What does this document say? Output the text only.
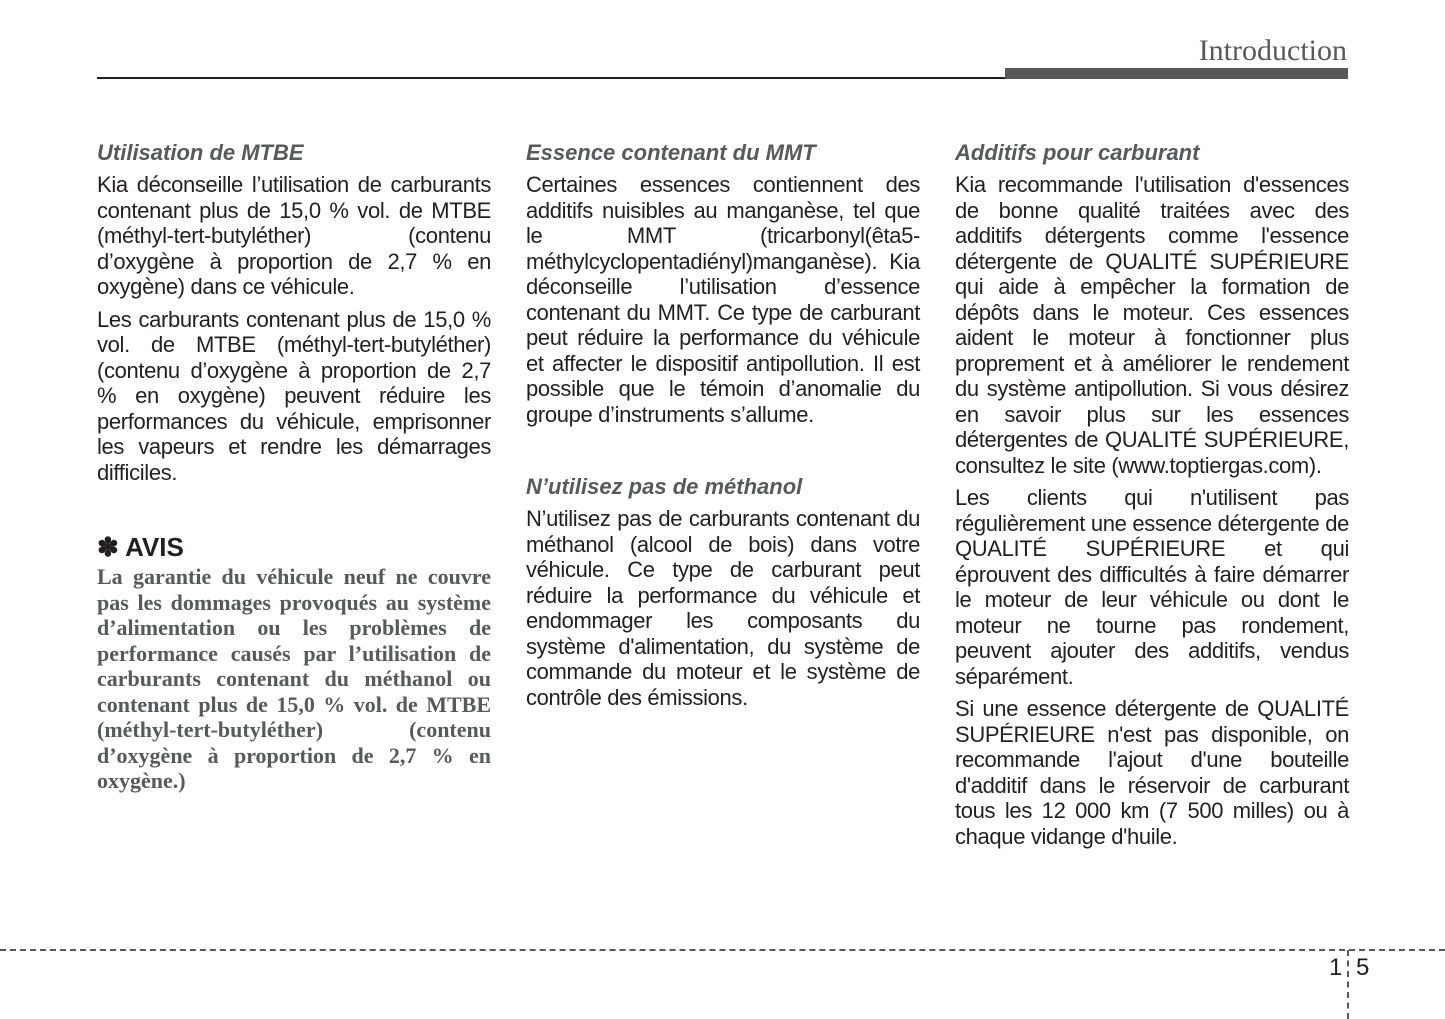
Introduction
Utilisation de MTBE

Kia déconseille l’utilisation de carburants contenant plus de 15,0 % vol. de MTBE (méthyl-tert-butyléther) (contenu d’oxygène à proportion de 2,7 % en oxygène) dans ce véhicule.

Les carburants contenant plus de 15,0 % vol. de MTBE (méthyl-tert-butyléther) (contenu d’oxygène à proportion de 2,7 % en oxygène) peuvent réduire les performances du véhicule, emprisonner les vapeurs et rendre les démarrages difficiles.

✽ AVIS
La garantie du véhicule neuf ne couvre pas les dommages provoqués au système d’alimentation ou les problèmes de performance causés par l’utilisation de carburants contenant du méthanol ou contenant plus de 15,0 % vol. de MTBE (méthyl-tert-butyléther) (contenu d’oxygène à proportion de 2,7 % en oxygène.)
Essence contenant du MMT

Certaines essences contiennent des additifs nuisibles au manganèse, tel que le MMT (tricarbonyl(êta5-méthylcyclopentadiényl)manganèse). Kia déconseille l’utilisation d’essence contenant du MMT. Ce type de carburant peut réduire la performance du véhicule et affecter le dispositif antipollution. Il est possible que le témoin d’anomalie du groupe d’instruments s’allume.

N’utilisez pas de méthanol

N’utilisez pas de carburants contenant du méthanol (alcool de bois) dans votre véhicule. Ce type de carburant peut réduire la performance du véhicule et endommager les composants du système d'alimentation, du système de commande du moteur et le système de contrôle des émissions.

Additifs pour carburant

Kia recommande l'utilisation d'essences de bonne qualité traitées avec des additifs détergents comme l'essence détergente de QUALITÉ SUPÉRIEURE qui aide à empêcher la formation de dépôts dans le moteur. Ces essences aident le moteur à fonctionner plus proprement et à améliorer le rendement du système antipollution. Si vous désirez en savoir plus sur les essences détergentes de QUALITÉ SUPÉRIEURE, consultez le site (www.toptiergas.com).

Les clients qui n'utilisent pas régulièrement une essence détergente de QUALITÉ SUPÉRIEURE et qui éprouvent des difficultés à faire démarrer le moteur de leur véhicule ou dont le moteur ne tourne pas rondement, peuvent ajouter des additifs, vendus séparément.

Si une essence détergente de QUALITÉ SUPÉRIEURE n'est pas disponible, on recommande l'ajout d'une bouteille d'additif dans le réservoir de carburant tous les 12 000 km (7 500 milles) ou à chaque vidange d'huile.

1 5
